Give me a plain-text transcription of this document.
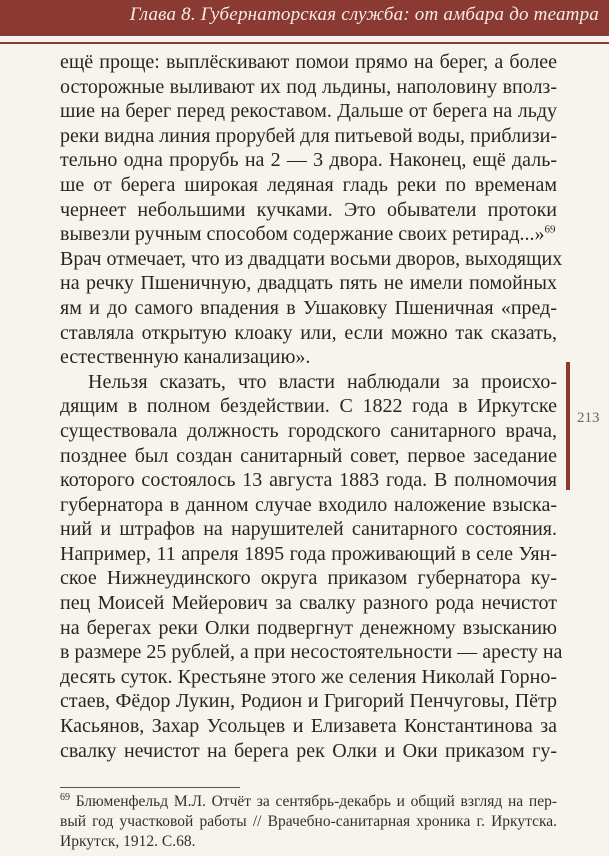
Глава 8. Губернаторская служба: от амбара до театра
213
ещё проще: выплёскивают помои прямо на берег, а более
осторожные выливают их под льдины, наполовину вполз-
шие на берег перед рекоставом. Дальше от берега на льду
реки видна линия прорубей для питьевой воды, приблизи-
тельно одна прорубь на 2 — 3 двора. Наконец, ещё даль-
ше от берега широкая ледяная гладь реки по временам
чернеет небольшими кучками. Это обыватели протоки
вывезли ручным способом содержание своих ретирад...»$^{69}$
Врач отмечает, что из двадцати восьми дворов, выходящих
на речку Пшеничную, двадцать пять не имели помойных
ям и до самого впадения в Ушаковку Пшеничная «пред-
ставляла открытую клоаку или, если можно так сказать,
естественную канализацию».
Нельзя сказать, что власти наблюдали за происхо-
дящим в полном бездействии. С 1822 года в Иркутске
существовала должность городского санитарного врача,
позднее был создан санитарный совет, первое заседание
которого состоялось 13 августа 1883 года. В полномочия
губернатора в данном случае входило наложение взыска-
ний и штрафов на нарушителей санитарного состояния.
Например, 11 апреля 1895 года проживающий в селе Уян-
ское Нижнеудинского округа приказом губернатора ку-
пец Моисей Мейерович за свалку разного рода нечистот
на берегах реки Олки подвергнут денежному взысканию
в размере 25 рублей, а при несостоятельности — аресту на
десять суток. Крестьяне этого же селения Николай Горно-
стаев, Фёдор Лукин, Родион и Григорий Пенчуговы, Пётр
Касьянов, Захар Усольцев и Елизавета Константинова за
свалку нечистот на берега рек Олки и Оки приказом гу-
$^{69}$ Блюменфельд М.Л. Отчёт за сентябрь-декабрь и общий взгляд на пер-
вый год участковой работы // Врачебно-санитарная хроника г. Иркутска.
Иркутск, 1912. С.68.
